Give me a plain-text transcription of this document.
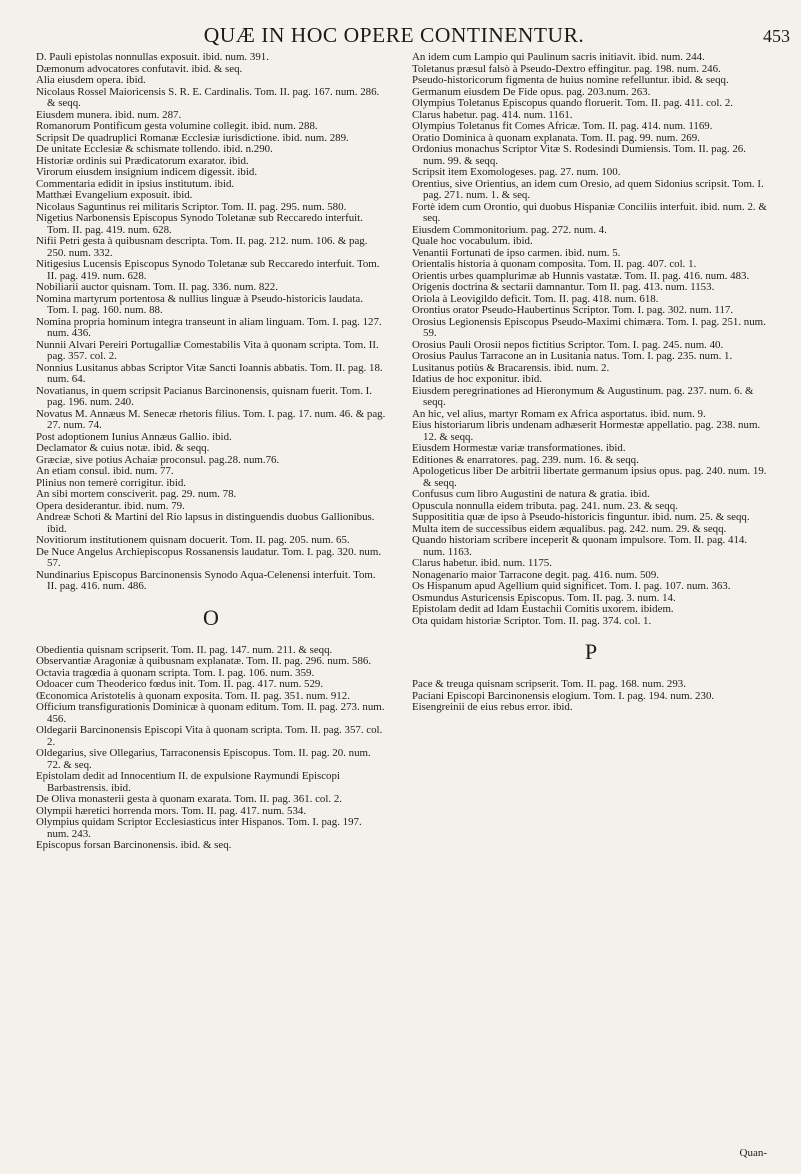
QUÆ IN HOC OPERE CONTINENTUR.	453

D. Pauli epistolas nonnullas exposuit. ibid. num. 391.

Dæmonum advocatores confutavit. ibid. & seq.

Alia eiusdem opera. ibid.

Nicolaus Rossel Maioricensis S. R. E. Cardinalis. Tom. II. pag. 167. num. 286. & seqq.

Eiusdem munera. ibid. num. 287.

Romanorum Pontificum gesta volumine collegit. ibid. num. 288.

Scripsit De quadruplici Romanæ Ecclesiæ iurisdictione. ibid. num. 289.

De unitate Ecclesiæ & schismate tollendo. ibid. n.290.

Historiæ ordinis sui Prædicatorum exarator. ibid.

Virorum eiusdem insignium indicem digessit. ibid.

Commentaria edidit in ipsius institutum. ibid.

Matthæi Evangelium exposuit. ibid.

Nicolaus Saguntinus rei militaris Scriptor. Tom. II. pag. 295. num. 580.

Nigetius Narbonensis Episcopus Synodo Toletanæ sub Reccaredo interfuit. Tom. II. pag. 419. num. 628.

Nifii Petri gesta à quibusnam descripta. Tom. II. pag. 212. num. 106. & pag. 250. num. 332.

Nitigesius Lucensis Episcopus Synodo Toletanæ sub Reccaredo interfuit. Tom. II. pag. 419. num. 628.

Nobiliarii auctor quisnam. Tom. II. pag. 336. num. 822.

Nomina martyrum portentosa & nullius linguæ à Pseudo-historicis laudata. Tom. I. pag. 160. num. 88.

Nomina propria hominum integra transeunt in aliam linguam. Tom. I. pag. 127. num. 436.

Nunnii Alvari Pereiri Portugalliæ Comestabilis Vita à quonam scripta. Tom. II. pag. 357. col. 2.

Nonnius Lusitanus abbas Scriptor Vitæ Sancti Ioannis abbatis. Tom. II. pag. 18. num. 64.

Novatianus, in quem scripsit Pacianus Barcinonensis, quisnam fuerit. Tom. I. pag. 196. num. 240.

Novatus M. Annæus M. Senecæ rhetoris filius. Tom. I. pag. 17. num. 46. & pag. 27. num. 74.

Post adoptionem Iunius Annæus Gallio. ibid.

Declamator & cuius notæ. ibid. & seqq.

Græciæ, sive potius Achaiæ proconsul. pag.28. num.76.

An etiam consul. ibid. num. 77.

Plinius non temerè corrigitur. ibid.

An sibi mortem consciverit. pag. 29. num. 78.

Opera desiderantur. ibid. num. 79.

Andreæ Schoti & Martini del Rio lapsus in distinguendis duobus Gallionibus. ibid.

Novitiorum institutionem quisnam docuerit. Tom. II. pag. 205. num. 65.

De Nuce Angelus Archiepiscopus Rossanensis laudatur. Tom. I. pag. 320. num. 57.

Nundinarius Episcopus Barcinonensis Synodo Aqua-Celenensi interfuit. Tom. II. pag. 416. num. 486.

O

Obedientia quisnam scripserit. Tom. II. pag. 147. num. 211. & seqq.

Observantiæ Aragoniæ à quibusnam explanatæ. Tom. II. pag. 296. num. 586.

Octavia tragœdia à quonam scripta. Tom. I. pag. 106. num. 359.

Odoacer cum Theoderico fœdus init. Tom. II. pag. 417. num. 529.

Œconomica Aristotelis à quonam exposita. Tom. II. pag. 351. num. 912.

Officium transfigurationis Dominicæ à quonam editum. Tom. II. pag. 273. num. 456.

Oldegarii Barcinonensis Episcopi Vita à quonam scripta. Tom. II. pag. 357. col. 2.

Oldegarius, sive Ollegarius, Tarraconensis Episcopus. Tom. II. pag. 20. num. 72. & seq.

Epistolam dedit ad Innocentium II. de expulsione Raymundi Episcopi Barbastrensis. ibid.

De Oliva monasterii gesta à quonam exarata. Tom. II. pag. 361. col. 2.

Olympii hæretici horrenda mors. Tom. II. pag. 417. num. 534.

Olympius quidam Scriptor Ecclesiasticus inter Hispanos. Tom. I. pag. 197. num. 243.

Episcopus forsan Barcinonensis. ibid. & seq.

An idem cum Lampio qui Paulinum sacris initiavit. ibid. num. 244.

Toletanus præsul falsò à Pseudo-Dextro effingitur. pag. 198. num. 246.

Pseudo-historicorum figmenta de huius nomine refelluntur. ibid. & seqq.

Germanum eiusdem De Fide opus. pag. 203.num. 263.

Olympius Toletanus Episcopus quando floruerit. Tom. II. pag. 411. col. 2.

Clarus habetur. pag. 414. num. 1161.

Olympius Toletanus fit Comes Africæ. Tom. II. pag. 414. num. 1169.

Oratio Dominica à quonam explanata. Tom. II. pag. 99. num. 269.

Ordonius monachus Scriptor Vitæ S. Rodesindi Dumiensis. Tom. II. pag. 26. num. 99. & seqq.

Scripsit item Exomologeses. pag. 27. num. 100.

Orentius, sive Orientius, an idem cum Oresio, ad quem Sidonius scripsit. Tom. I. pag. 271. num. 1. & seq.

Fortè idem cum Orontio, qui duobus Hispaniæ Conciliis interfuit. ibid. num. 2. & seq.

Eiusdem Commonitorium. pag. 272. num. 4.

Quale hoc vocabulum. ibid.

Venantii Fortunati de ipso carmen. ibid. num. 5.

Orientalis historia à quonam composita. Tom. II. pag. 407. col. 1.

Orientis urbes quamplurimæ ab Hunnis vastatæ. Tom. II. pag. 416. num. 483.

Origenis doctrina & sectarii damnantur. Tom II. pag. 413. num. 1153.

Oriola à Leovigildo deficit. Tom. II. pag. 418. num. 618.

Orontius orator Pseudo-Haubertinus Scriptor. Tom. I. pag. 302. num. 117.

Orosius Legionensis Episcopus Pseudo-Maximi chimæra. Tom. I. pag. 251. num. 59.

Orosius Pauli Orosii nepos fictitius Scriptor. Tom. I. pag. 245. num. 40.

Orosius Paulus Tarracone an in Lusitania natus. Tom. I. pag. 235. num. 1.

Lusitanus potiùs & Bracarensis. ibid. num. 2.

Idatius de hoc exponitur. ibid.

Eiusdem peregrinationes ad Hieronymum & Augustinum. pag. 237. num. 6. & seqq.

An hic, vel alius, martyr Romam ex Africa asportatus. ibid. num. 9.

Eius historiarum libris undenam adhæserit Hormestæ appellatio. pag. 238. num. 12. & seqq.

Eiusdem Hormestæ variæ transformationes. ibid.

Editiones & enarratores. pag. 239. num. 16. & seqq.

Apologeticus liber De arbitrii libertate germanum ipsius opus. pag. 240. num. 19. & seqq.

Confusus cum libro Augustini de natura & gratia. ibid.

Opuscula nonnulla eidem tributa. pag. 241. num. 23. & seqq.

Supposititia quæ de ipso à Pseudo-historicis finguntur. ibid. num. 25. & seqq.

Multa item de successibus eidem æqualibus. pag. 242. num. 29. & seqq.

Quando historiam scribere inceperit & quonam impulsore. Tom. II. pag. 414. num. 1163.

Clarus habetur. ibid. num. 1175.

Nonagenario maior Tarracone degit. pag. 416. num. 509.

Os Hispanum apud Agellium quid significet. Tom. I. pag. 107. num. 363.

Osmundus Asturicensis Episcopus. Tom. II. pag. 3. num. 14.

Epistolam dedit ad Idam Eustachii Comitis uxorem. ibidem.

Ota quidam historiæ Scriptor. Tom. II. pag. 374. col. 1.

P

Pace & treuga quisnam scripserit. Tom. II. pag. 168. num. 293.

Paciani Episcopi Barcinonensis elogium. Tom. I. pag. 194. num. 230.

Eisengreinii de eius rebus error. ibid.

Quan-
